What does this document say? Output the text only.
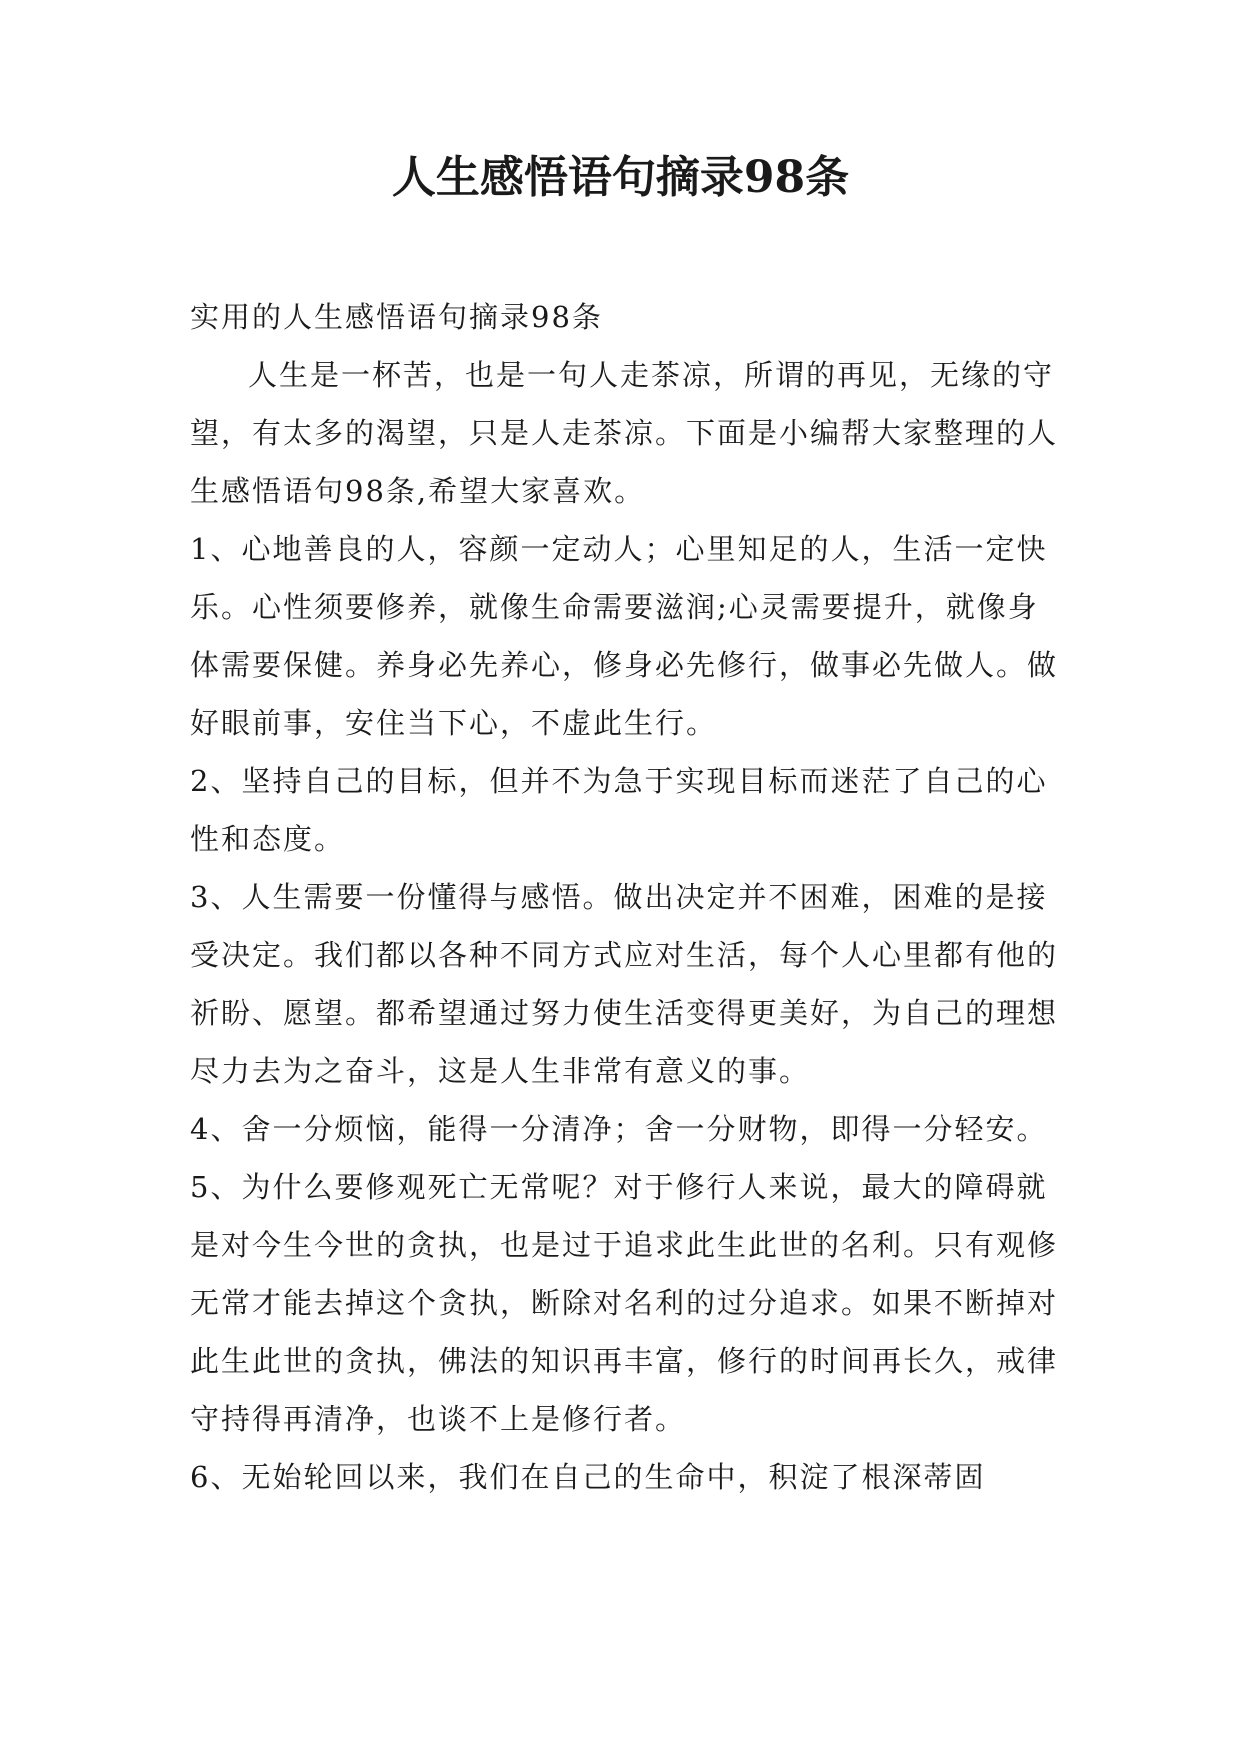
人生感悟语句摘录98条

实用的人生感悟语句摘录98条

人生是一杯苦，也是一句人走茶凉，所谓的再见，无缘的守望，有太多的渴望，只是人走茶凉。下面是小编帮大家整理的人生感悟语句98条,希望大家喜欢。

1、心地善良的人，容颜一定动人；心里知足的人，生活一定快乐。心性须要修养，就像生命需要滋润;心灵需要提升，就像身体需要保健。养身必先养心，修身必先修行，做事必先做人。做好眼前事，安住当下心，不虚此生行。

2、坚持自己的目标，但并不为急于实现目标而迷茫了自己的心性和态度。

3、人生需要一份懂得与感悟。做出决定并不困难，困难的是接受决定。我们都以各种不同方式应对生活，每个人心里都有他的祈盼、愿望。都希望通过努力使生活变得更美好，为自己的理想尽力去为之奋斗，这是人生非常有意义的事。

4、舍一分烦恼，能得一分清净；舍一分财物，即得一分轻安。

5、为什么要修观死亡无常呢？对于修行人来说，最大的障碍就是对今生今世的贪执，也是过于追求此生此世的名利。只有观修无常才能去掉这个贪执，断除对名利的过分追求。如果不断掉对此生此世的贪执，佛法的知识再丰富，修行的时间再长久，戒律守持得再清净，也谈不上是修行者。

6、无始轮回以来，我们在自己的生命中，积淀了根深蒂固
